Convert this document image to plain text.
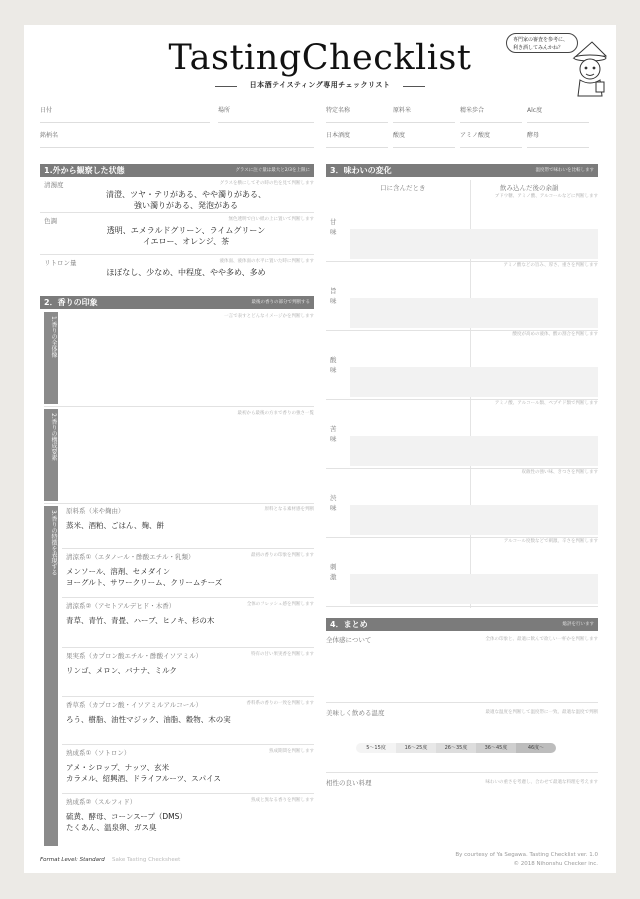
TastingChecklist
日本酒テイスティング専用チェックリスト
専門家の審査を参考に、利き酒してみんかね？
日付	場所
銘柄名
特定名称	原料米	精米歩合	Alc度
日本酒度	酸度	アミノ酸度	酵母
1.外から観察した状態	グラスに注ぐ量は最大と2/3を上限に
清濁度	グラスを横にしてその時の色を見て判断します
清澄、ツヤ・テリがある、やや濁りがある、
強い濁りがある、発泡がある
色調	無色透明で白い紙の上に置いて判断します
透明、エメラルドグリーン、ライムグリーン
イエロー、オレンジ、茶
リトロン量	液体面、液体面の水平に置いた時に判断します
ほぼなし、少なめ、中程度、やや多め、多め
2．香りの印象	最後の香りの部分で判断する
1.香りの全体像	一言で表すとどんなイメージかを判断します
2.香りの構成要素	最初から最後の方まで香りの強さ一覧
3.香りの特徴を表現する 原料系（米や麹由）	原料となる素材感を判断
蒸米、酒粕、ごはん、麹、餅
清涼系①（エタノール・酢酸エチル・乳類）	最初の香りの印象を判断します
メンソール、溶剤、セメダイン
ヨーグルト、サワークリーム、クリームチーズ
清涼系②（アセトアルデヒド・木香）	全体のフレッシュ感を判断します
青草、青竹、青畳、ハーブ、ヒノキ、杉の木
果実系（カプロン酸エチル・酢酸イソアミル）	特有の甘い果実香を判断します
リンゴ、メロン、バナナ、ミルク
香草系（カプロン酸・イソアミルアルコール）	香料系の香りの一致を判断します
ろう、樹脂、油性マジック、油脂、穀物、木の実
熟成系①（ソトロン）	熟成期間を判断します
アメ・シロップ、ナッツ、玄米
カラメル、紹興酒、ドライフルーツ、スパイス
熟成系②（スルフィド）	熟成と異なる香りを判断します
硫黄、酵母、コーンスープ（DMS）
たくあん、温泉卵、ガス臭
3．味わいの変化	温度帯で味わいを比較します
口に含んだとき	飲み込んだ後の余韻
甘味
ブドウ糖、アミノ酸、アルコールなどに判断します
旨味
アミノ酸などの旨み、厚さ、重さを判断します
酸味
酸度が高めの液体、酸の割合を判断します
苦味
アミノ酸、アルコール類、ペプチド類で判断します
渋味
収斂性の強い味、きつさを判断します
刺激
アルコール度数などで刺激、辛さを判断します
4．まとめ	総評を行います
全体感について	全体の印象と、最適に飲んで欲しい一杯かを判断します
美味しく飲める温度	最適な温度を判断して温度帯に一致、最適な温度で判断
5〜15度	16〜25度	26〜35度	36〜45度	46度〜
相性の良い料理	味わいの重さを考慮し、合わせて最適な料理を考えます
Format Level: Standard Sake Tasting Checksheet
By courtesy of Ya Segawa. Tasting Checklist ver. 1.0
© 2018 Nihonshu Checker inc.
